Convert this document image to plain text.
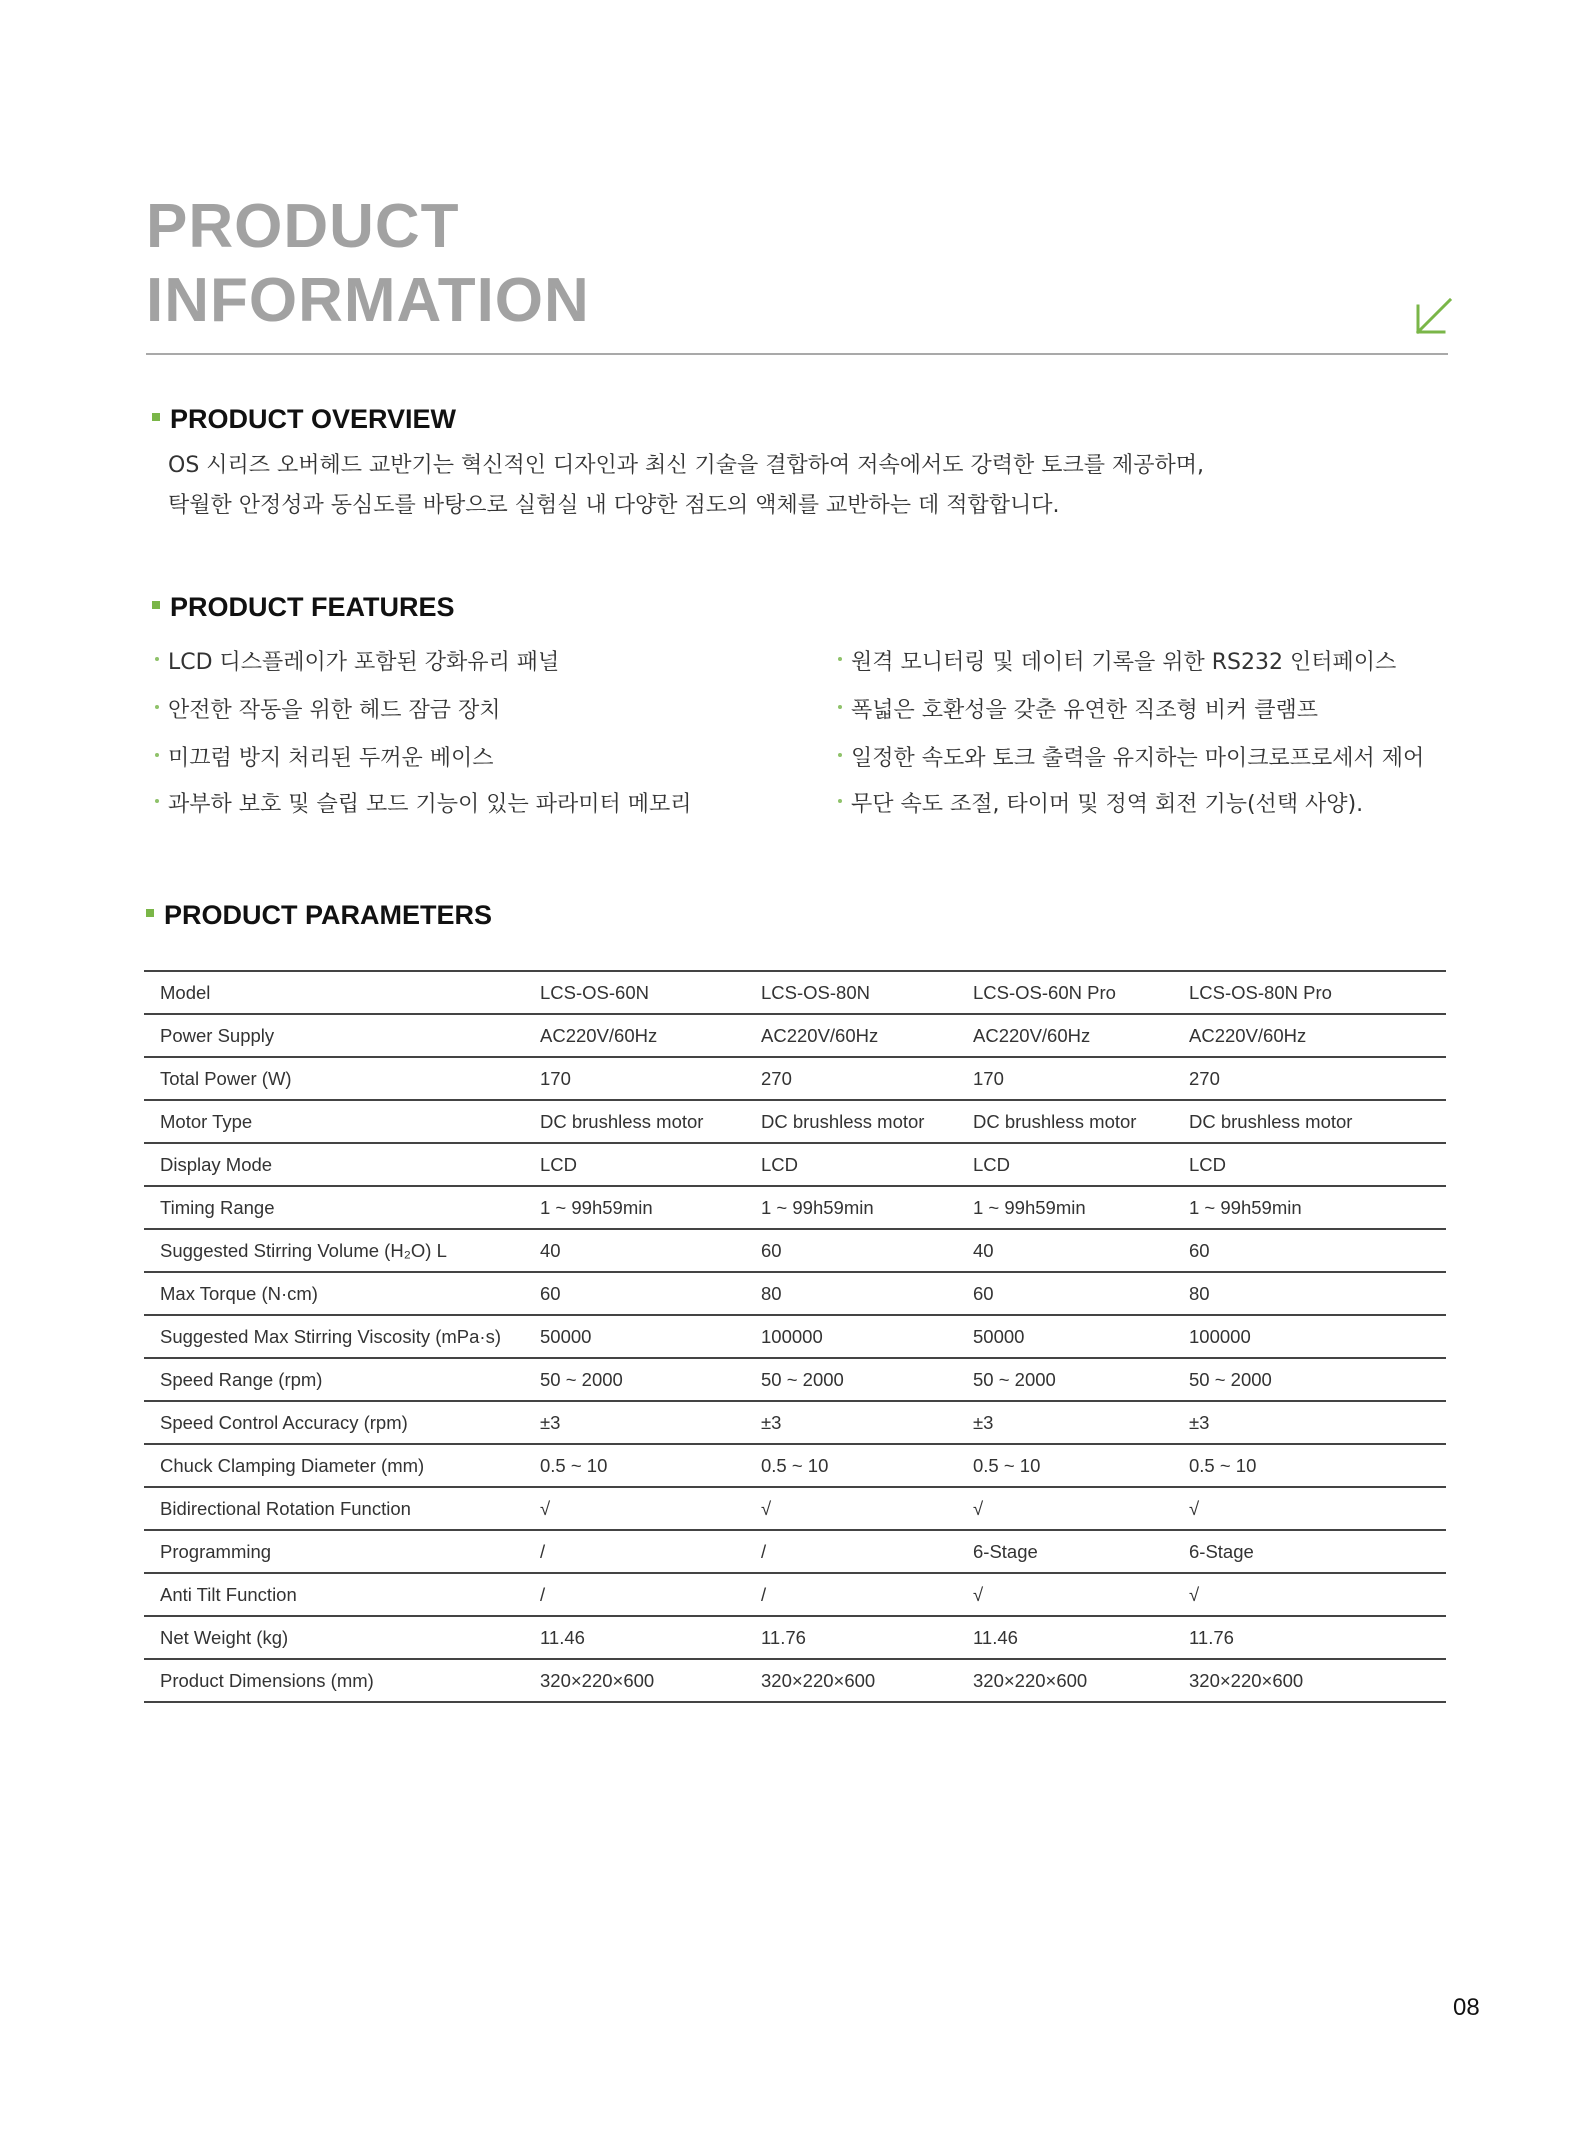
PRODUCT
INFORMATION
PRODUCT OVERVIEW

OS 시리즈 오버헤드 교반기는 혁신적인 디자인과 최신 기술을 결합하여 저속에서도 강력한 토크를 제공하며,

탁월한 안정성과 동심도를 바탕으로 실험실 내 다양한 점도의 액체를 교반하는 데 적합합니다.

PRODUCT FEATURES
LCD 디스플레이가 포함된 강화유리 패널
안전한 작동을 위한 헤드 잠금 장치
미끄럼 방지 처리된 두꺼운 베이스
과부하 보호 및 슬립 모드 기능이 있는 파라미터 메모리
원격 모니터링 및 데이터 기록을 위한 RS232 인터페이스
폭넓은 호환성을 갖춘 유연한 직조형 비커 클램프
일정한 속도와 토크 출력을 유지하는 마이크로프로세서 제어
무단 속도 조절, 타이머 및 정역 회전 기능(선택 사양).
PRODUCT PARAMETERS
Model	LCS-OS-60N	LCS-OS-80N	LCS-OS-60N Pro	LCS-OS-80N Pro
Power Supply	AC220V/60Hz	AC220V/60Hz	AC220V/60Hz	AC220V/60Hz
Total Power (W)	170	270	170	270
Motor Type	DC brushless motor	DC brushless motor	DC brushless motor	DC brushless motor
Display Mode	LCD	LCD	LCD	LCD
Timing Range	1 ~ 99h59min	1 ~ 99h59min	1 ~ 99h59min	1 ~ 99h59min
Suggested Stirring Volume (H₂O) L	40	60	40	60
Max Torque (N·cm)	60	80	60	80
Suggested Max Stirring Viscosity (mPa·s)	50000	100000	50000	100000
Speed Range (rpm)	50 ~ 2000	50 ~ 2000	50 ~ 2000	50 ~ 2000
Speed Control Accuracy (rpm)	±3	±3	±3	±3
Chuck Clamping Diameter (mm)	0.5 ~ 10	0.5 ~ 10	0.5 ~ 10	0.5 ~ 10
Bidirectional Rotation Function	√	√	√	√
Programming	/	/	6-Stage	6-Stage
Anti Tilt Function	/	/	√	√
Net Weight (kg)	11.46	11.76	11.46	11.76
Product Dimensions (mm)	320×220×600	320×220×600	320×220×600	320×220×600
08
